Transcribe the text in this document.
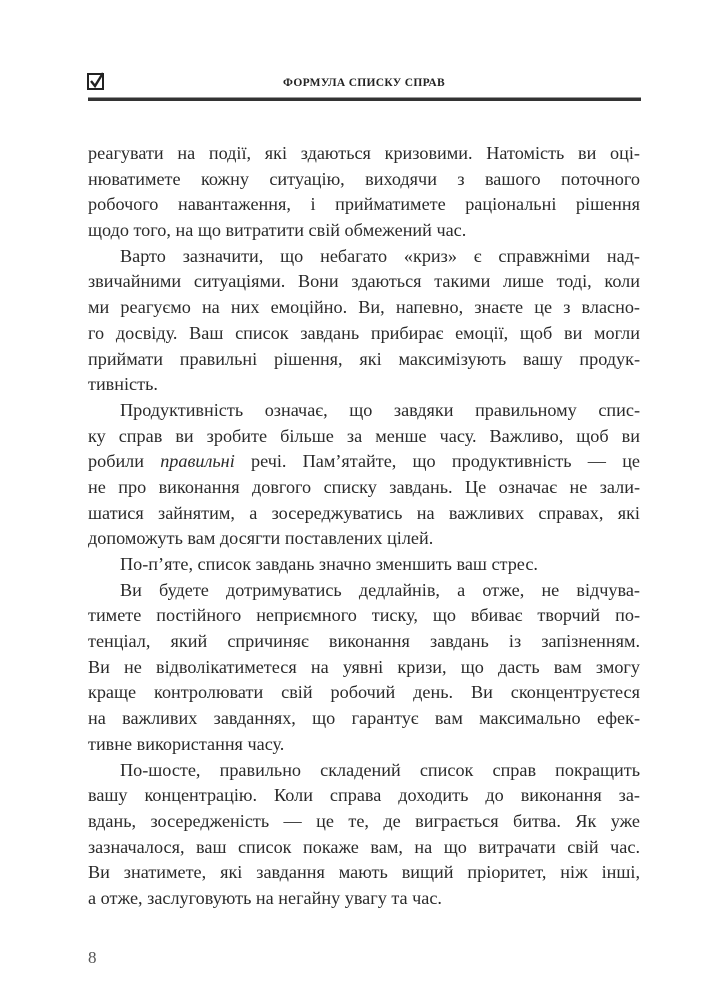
ФОРМУЛА СПИСКУ СПРАВ
реагувати на події, які здаються кризовими. Натомість ви оці-
нюватимете кожну ситуацію, виходячи з вашого поточного
робочого навантаження, і прийматимете раціональні рішення
щодо того, на що витратити свій обмежений час.
Варто зазначити, що небагато «криз» є справжніми над-
звичайними ситуаціями. Вони здаються такими лише тоді, коли
ми реагуємо на них емоційно. Ви, напевно, знаєте це з власно-
го досвіду. Ваш список завдань прибирає емоції, щоб ви могли
приймати правильні рішення, які максимізують вашу продук-
тивність.
Продуктивність означає, що завдяки правильному спис-
ку справ ви зробите більше за менше часу. Важливо, щоб ви
робили правильні речі. Пам’ятайте, що продуктивність — це
не про виконання довгого списку завдань. Це означає не зали-
шатися зайнятим, а зосереджуватись на важливих справах, які
допоможуть вам досягти поставлених цілей.
По-п’яте, список завдань значно зменшить ваш стрес.
Ви будете дотримуватись дедлайнів, а отже, не відчува-
тимете постійного неприємного тиску, що вбиває творчий по-
тенціал, який спричиняє виконання завдань із запізненням.
Ви не відволікатиметеся на уявні кризи, що дасть вам змогу
краще контролювати свій робочий день. Ви сконцентруєтеся
на важливих завданнях, що гарантує вам максимально ефек-
тивне використання часу.
По-шосте, правильно складений список справ покращить
вашу концентрацію. Коли справа доходить до виконання за-
вдань, зосередженість — це те, де виграється битва. Як уже
зазначалося, ваш список покаже вам, на що витрачати свій час.
Ви знатимете, які завдання мають вищий пріоритет, ніж інші,
а отже, заслуговують на негайну увагу та час.
8
